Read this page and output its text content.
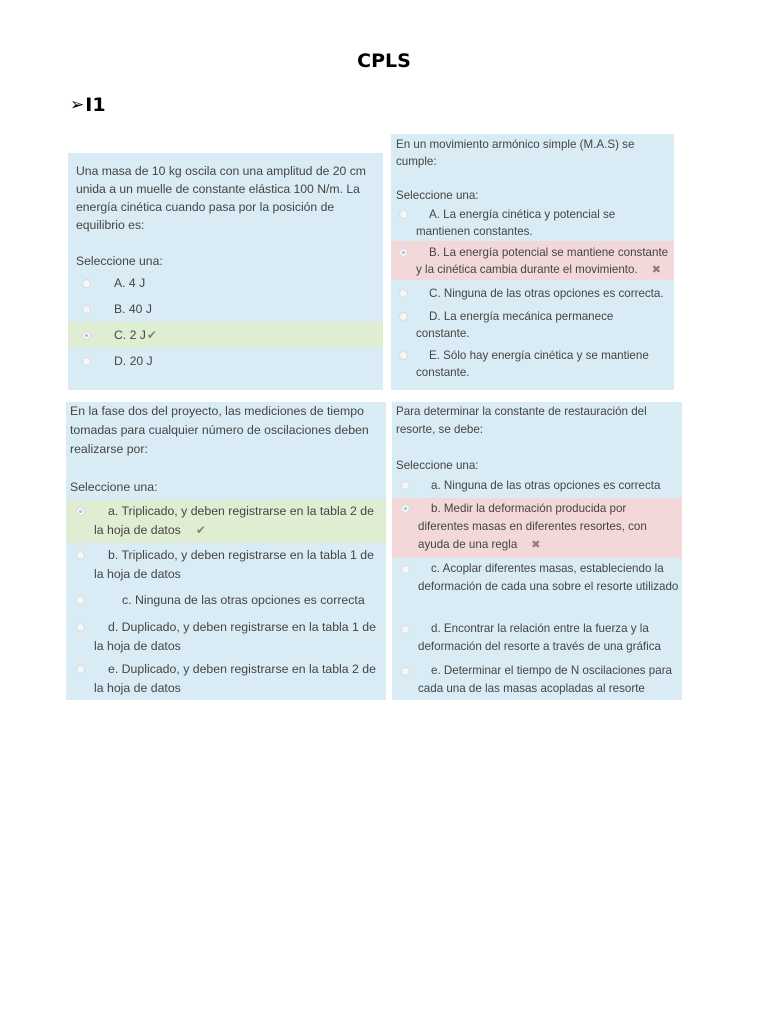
CPLS
➢ I1

Una masa de 10 kg oscila con una amplitud de 20 cm unida a un muelle de constante elástica 100 N/m. La energía cinética cuando pasa por la posición de equilibrio es:

Seleccione una:

A. 4 J
B. 40 J
C. 2 J✔
D. 20 J

En un movimiento armónico simple (M.A.S) se cumple:

Seleccione una:

A. La energía cinética y potencial se mantienen constantes.
B. La energía potencial se mantiene constante y la cinética cambia durante el movimiento. ✖
C. Ninguna de las otras opciones es correcta.
D. La energía mecánica permanece constante.
E. Sólo hay energía cinética y se mantiene constante.

En la fase dos del proyecto, las mediciones de tiempo tomadas para cualquier número de oscilaciones deben realizarse por:

Seleccione una:

a. Triplicado, y deben registrarse en la tabla 2 de la hoja de datos ✔
b. Triplicado, y deben registrarse en la tabla 1 de la hoja de datos
c. Ninguna de las otras opciones es correcta
d. Duplicado, y deben registrarse en la tabla 1 de la hoja de datos
e. Duplicado, y deben registrarse en la tabla 2 de la hoja de datos

Para determinar la constante de restauración del resorte, se debe:

Seleccione una:

a. Ninguna de las otras opciones es correcta
b. Medir la deformación producida por diferentes masas en diferentes resortes, con ayuda de una regla ✖
c. Acoplar diferentes masas, estableciendo la deformación de cada una sobre el resorte utilizado
d. Encontrar la relación entre la fuerza y la deformación del resorte a través de una gráfica
e. Determinar el tiempo de N oscilaciones para cada una de las masas acopladas al resorte
